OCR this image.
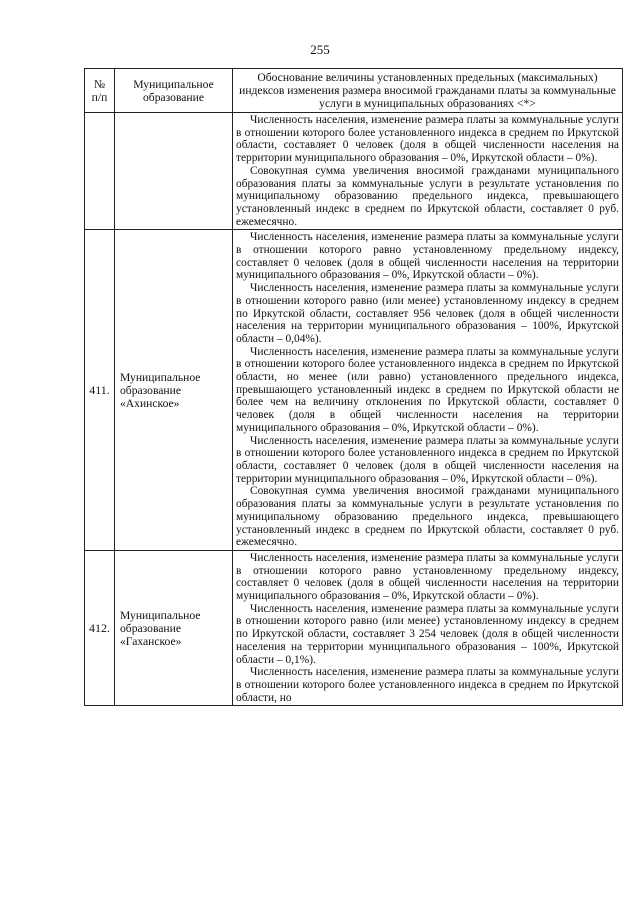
255
№ п/п	Муниципальное образование	Обоснование величины установленных предельных (максимальных) индексов изменения размера вносимой гражданами платы за коммунальные услуги в муниципальных образованиях <*>

		Численность населения, изменение размера платы за коммунальные услуги в отношении которого более установленного индекса в среднем по Иркутской области, составляет 0 человек (доля в общей численности населения на территории муниципального образования – 0%, Иркутской области – 0%).

Совокупная сумма увеличения вносимой гражданами муниципального образования платы за коммунальные услуги в результате установления по муниципальному образованию предельного индекса, превышающего установленный индекс в среднем по Иркутской области, составляет 0 руб. ежемесячно.

411.	Муниципальное образование «Ахинское»	Численность населения, изменение размера платы за коммунальные услуги в отношении которого равно установленному предельному индексу, составляет 0 человек (доля в общей численности населения на территории муниципального образования – 0%, Иркутской области – 0%).

Численность населения, изменение размера платы за коммунальные услуги в отношении которого равно (или менее) установленному индексу в среднем по Иркутской области, составляет 956 человек (доля в общей численности населения на территории муниципального образования – 100%, Иркутской области – 0,04%).

Численность населения, изменение размера платы за коммунальные услуги в отношении которого более установленного индекса в среднем по Иркутской области, но менее (или равно) установленного предельного индекса, превышающего установленный индекс в среднем по Иркутской области не более чем на величину отклонения по Иркутской области, составляет 0 человек (доля в общей численности населения на территории муниципального образования – 0%, Иркутской области – 0%).

Численность населения, изменение размера платы за коммунальные услуги в отношении которого более установленного индекса в среднем по Иркутской области, составляет 0 человек (доля в общей численности населения на территории муниципального образования – 0%, Иркутской области – 0%).

Совокупная сумма увеличения вносимой гражданами муниципального образования платы за коммунальные услуги в результате установления по муниципальному образованию предельного индекса, превышающего установленный индекс в среднем по Иркутской области, составляет 0 руб. ежемесячно.

412.	Муниципальное образование «Гаханское»	Численность населения, изменение размера платы за коммунальные услуги в отношении которого равно установленному предельному индексу, составляет 0 человек (доля в общей численности населения на территории муниципального образования – 0%, Иркутской области – 0%).

Численность населения, изменение размера платы за коммунальные услуги в отношении которого равно (или менее) установленному индексу в среднем по Иркутской области, составляет 3 254 человек (доля в общей численности населения на территории муниципального образования – 100%, Иркутской области – 0,1%).

Численность населения, изменение размера платы за коммунальные услуги в отношении которого более установленного индекса в среднем по Иркутской области, но
